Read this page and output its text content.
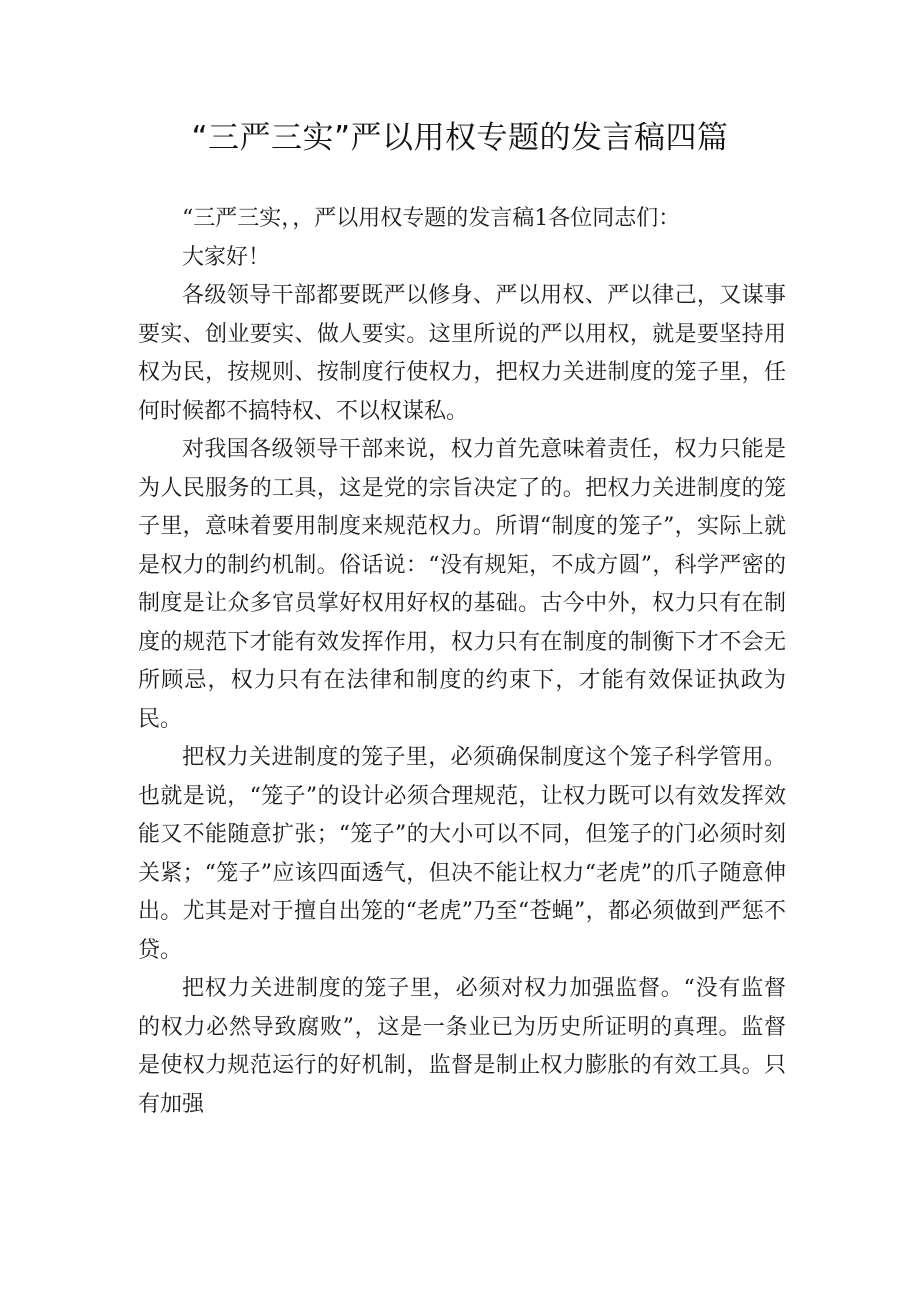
“三严三实”严以用权专题的发言稿四篇

“三严三实，，严以用权专题的发言稿1各位同志们：

大家好！

各级领导干部都要既严以修身、严以用权、严以律己，又谋事要实、创业要实、做人要实。这里所说的严以用权，就是要坚持用权为民，按规则、按制度行使权力，把权力关进制度的笼子里，任何时候都不搞特权、不以权谋私。

对我国各级领导干部来说，权力首先意味着责任，权力只能是为人民服务的工具，这是党的宗旨决定了的。把权力关进制度的笼子里，意味着要用制度来规范权力。所谓“制度的笼子”，实际上就是权力的制约机制。俗话说：“没有规矩，不成方圆”，科学严密的制度是让众多官员掌好权用好权的基础。古今中外，权力只有在制度的规范下才能有效发挥作用，权力只有在制度的制衡下才不会无所顾忌，权力只有在法律和制度的约束下，才能有效保证执政为民。

把权力关进制度的笼子里，必须确保制度这个笼子科学管用。也就是说，“笼子”的设计必须合理规范，让权力既可以有效发挥效能又不能随意扩张；“笼子”的大小可以不同，但笼子的门必须时刻关紧；“笼子”应该四面透气，但决不能让权力“老虎”的爪子随意伸出。尤其是对于擅自出笼的“老虎”乃至“苍蝇”，都必须做到严惩不贷。

把权力关进制度的笼子里，必须对权力加强监督。“没有监督的权力必然导致腐败”，这是一条业已为历史所证明的真理。监督是使权力规范运行的好机制，监督是制止权力膨胀的有效工具。只有加强
